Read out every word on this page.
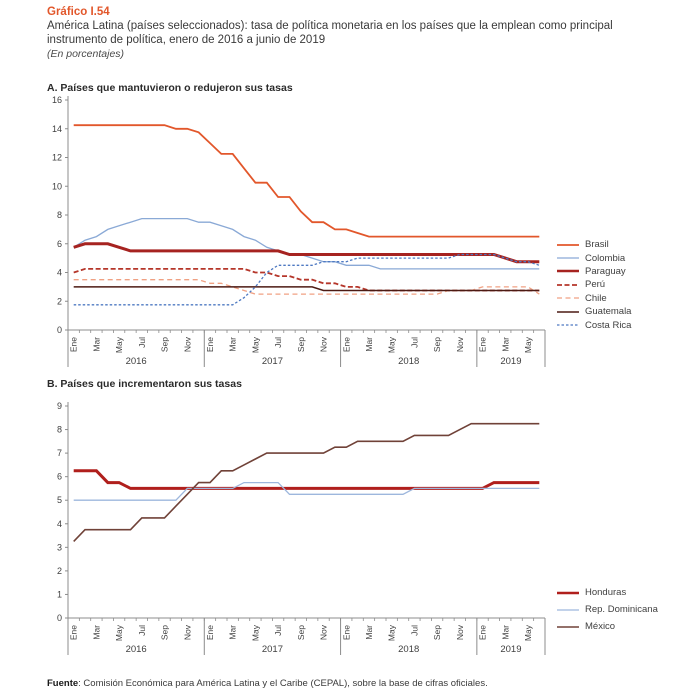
Gráfico I.54
América Latina (países seleccionados): tasa de política monetaria en los países que la emplean como principal instrumento de política, enero de 2016 a junio de 2019
(En porcentajes)
A. Países que mantuvieron o redujeron sus tasas
0
2
4
6
8
10
12
14
16
Ene Mar May Jul Sep Nov Ene Mar May Jul Sep Nov Ene Mar May Jul Sep Nov Ene Mar May
2016	2017	2018	2019
Brasil
Colombia
Paraguay
Perú
Chile
Guatemala
Costa Rica
B. Países que incrementaron sus tasas
0
1
2
3
4
5
6
7
8
9
Ene Mar May Jul Sep Nov Ene Mar May Jul Sep Nov Ene Mar May Jul Sep Nov Ene Mar May
2016	2017	2018	2019
Honduras
Rep. Dominicana
México
Fuente: Comisión Económica para América Latina y el Caribe (CEPAL), sobre la base de cifras oficiales.
